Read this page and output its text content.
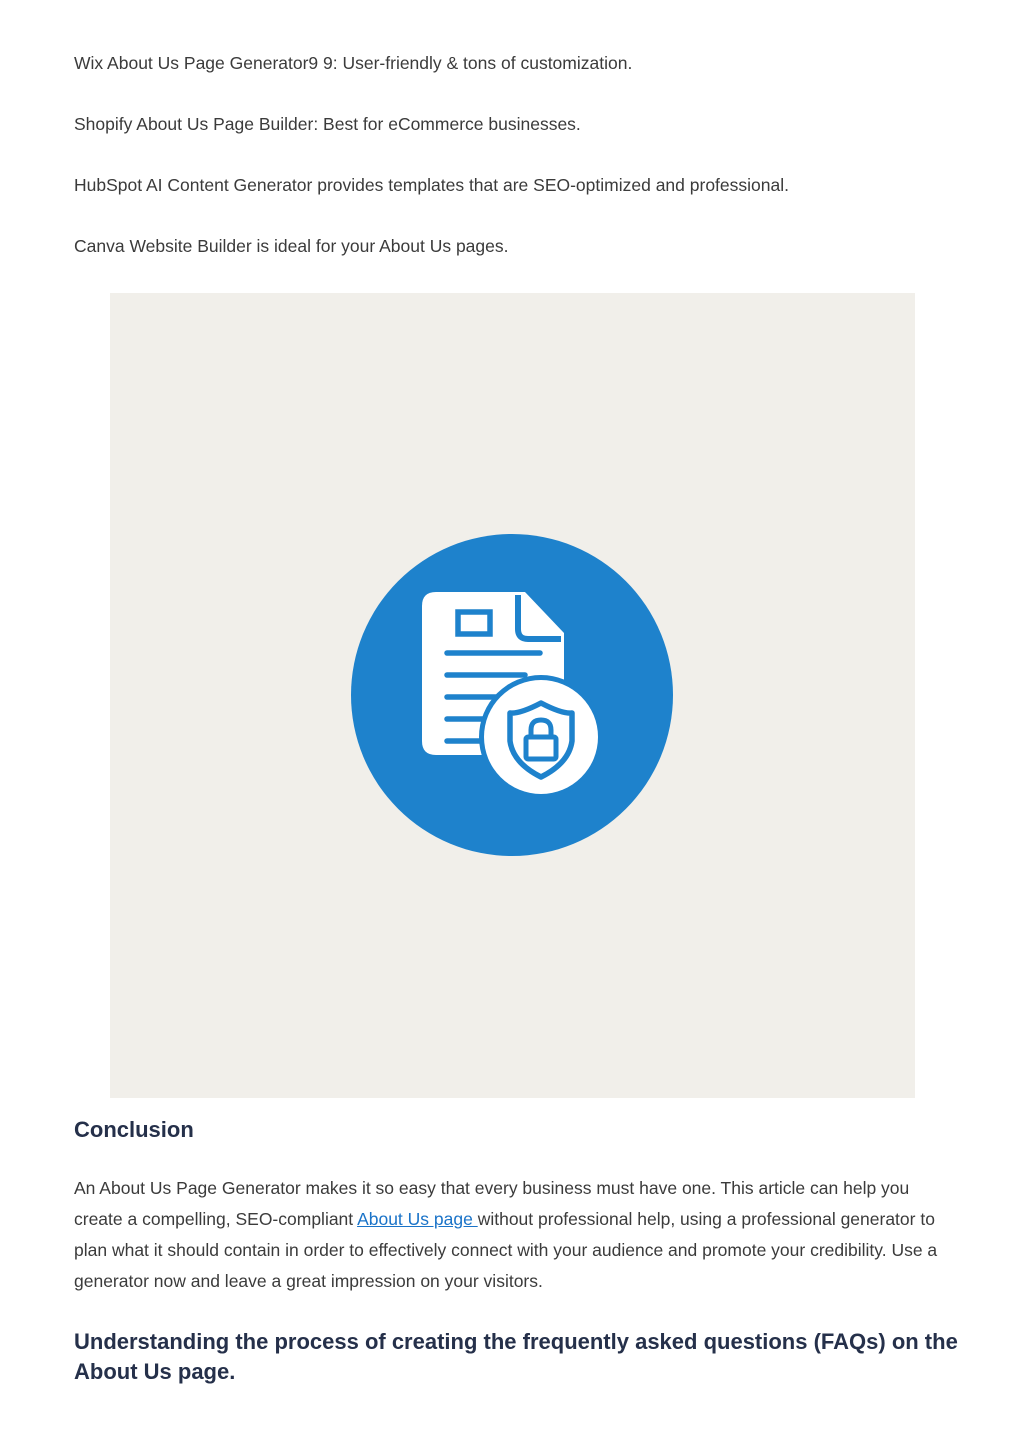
Wix About Us Page Generator9 9: User-friendly & tons of customization.
Shopify About Us Page Builder: Best for eCommerce businesses.
HubSpot AI Content Generator provides templates that are SEO-optimized and professional.
Canva Website Builder is ideal for your About Us pages.
Conclusion

An About Us Page Generator makes it so easy that every business must have one. This article can help you create a compelling, SEO-compliant About Us page without professional help, using a professional generator to plan what it should contain in order to effectively connect with your audience and promote your credibility. Use a generator now and leave a great impression on your visitors.

Understanding the process of creating the frequently asked questions (FAQs) on the About Us page.
